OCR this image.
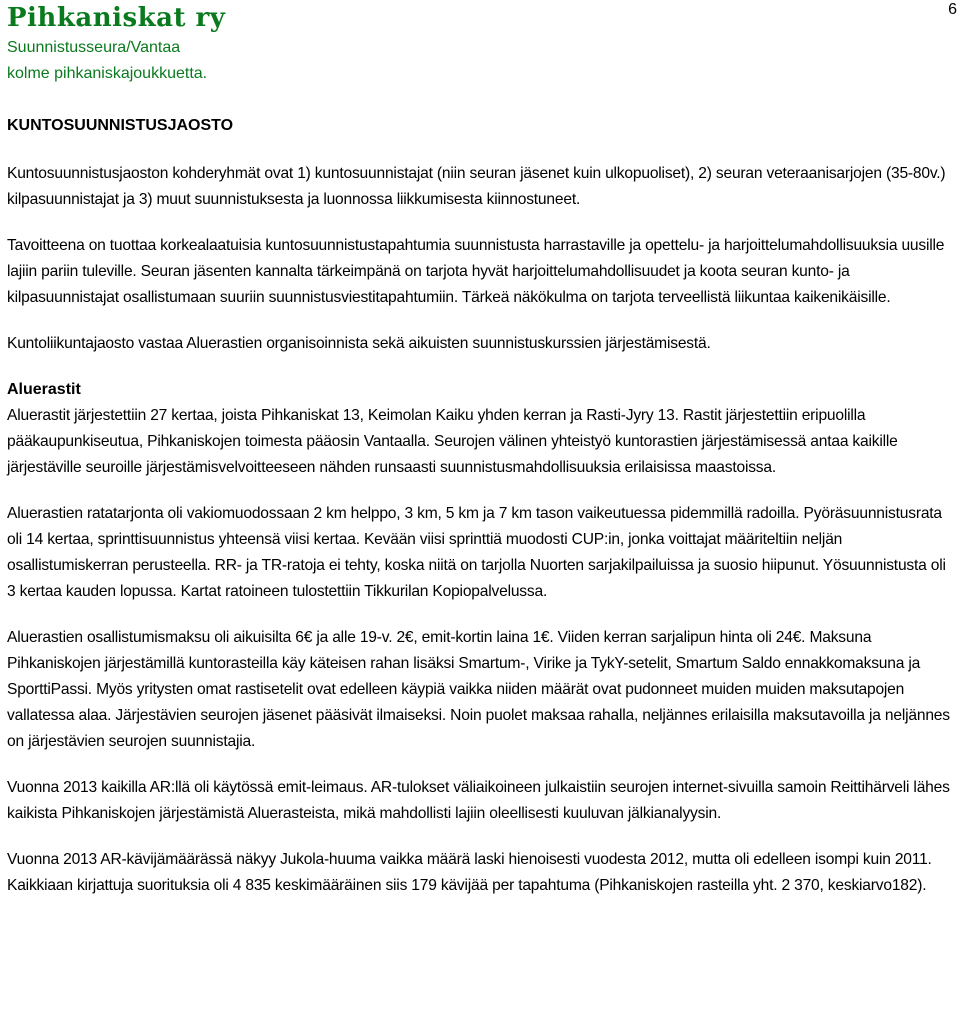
Pihkaniskat ry
Suunnistusseura/Vantaa
kolme pihkaniskajoukkuetta.
6
KUNTOSUUNNISTUSJAOSTO

Kuntosuunnistusjaoston kohderyhmät ovat 1) kuntosuunnistajat (niin seuran jäsenet kuin ulkopuoliset), 2) seuran veteraanisarjojen (35-80v.) kilpasuunnistajat ja 3) muut suunnistuksesta ja luonnossa liikkumisesta kiinnostuneet.

Tavoitteena on tuottaa korkealaatuisia kuntosuunnistustapahtumia suunnistusta harrastaville ja opettelu- ja harjoittelumahdollisuuksia uusille lajiin pariin tuleville. Seuran jäsenten kannalta tärkeimpänä on tarjota hyvät harjoittelumahdollisuudet ja koota seuran kunto- ja kilpasuunnistajat osallistumaan suuriin suunnistusviestitapahtumiin. Tärkeä näkökulma on tarjota terveellistä liikuntaa kaikenikäisille.

Kuntoliikuntajaosto vastaa Aluerastien organisoinnista sekä aikuisten suunnistuskurssien järjestämisestä.

Aluerastit

Aluerastit järjestettiin 27 kertaa, joista Pihkaniskat 13, Keimolan Kaiku yhden kerran ja Rasti-Jyry 13. Rastit järjestettiin eripuolilla pääkaupunkiseutua, Pihkaniskojen toimesta pääosin Vantaalla. Seurojen välinen yhteistyö kuntorastien järjestämisessä antaa kaikille järjestäville seuroille järjestämisvelvoitteeseen nähden runsaasti suunnistusmahdollisuuksia erilaisissa maastoissa.

Aluerastien ratatarjonta oli vakiomuodossaan 2 km helppo, 3 km, 5 km ja 7 km tason vaikeutuessa pidemmillä radoilla. Pyöräsuunnistusrata oli 14 kertaa, sprinttisuunnistus yhteensä viisi kertaa. Kevään viisi sprinttiä muodosti CUP:in, jonka voittajat määriteltiin neljän osallistumiskerran perusteella. RR- ja TR-ratoja ei tehty, koska niitä on tarjolla Nuorten sarjakilpailuissa ja suosio hiipunut. Yösuunnistusta oli 3 kertaa kauden lopussa. Kartat ratoineen tulostettiin Tikkurilan Kopiopalvelussa.

Aluerastien osallistumismaksu oli aikuisilta 6€ ja alle 19-v. 2€, emit-kortin laina 1€. Viiden kerran sarjalipun hinta oli 24€. Maksuna Pihkaniskojen järjestämillä kuntorasteilla käy käteisen rahan lisäksi Smartum-, Virike ja TykY-setelit, Smartum Saldo ennakkomaksuna ja SporttiPassi. Myös yritysten omat rastisetelit ovat edelleen käypiä vaikka niiden määrät ovat pudonneet muiden muiden maksutapojen vallatessa alaa. Järjestävien seurojen jäsenet pääsivät ilmaiseksi. Noin puolet maksaa rahalla, neljännes erilaisilla maksutavoilla ja neljännes on järjestävien seurojen suunnistajia.

Vuonna 2013 kaikilla AR:llä oli käytössä emit-leimaus. AR-tulokset väliaikoineen julkaistiin seurojen internet-sivuilla samoin Reittihärveli lähes kaikista Pihkaniskojen järjestämistä Aluerasteista, mikä mahdollisti lajiin oleellisesti kuuluvan jälkianalyysin.

Vuonna 2013 AR-kävijämäärässä näkyy Jukola-huuma vaikka määrä laski hienoisesti vuodesta 2012, mutta oli edelleen isompi kuin 2011. Kaikkiaan kirjattuja suorituksia oli 4 835 keskimääräinen siis 179 kävijää per tapahtuma (Pihkaniskojen rasteilla yht. 2 370, keskiarvo182).
